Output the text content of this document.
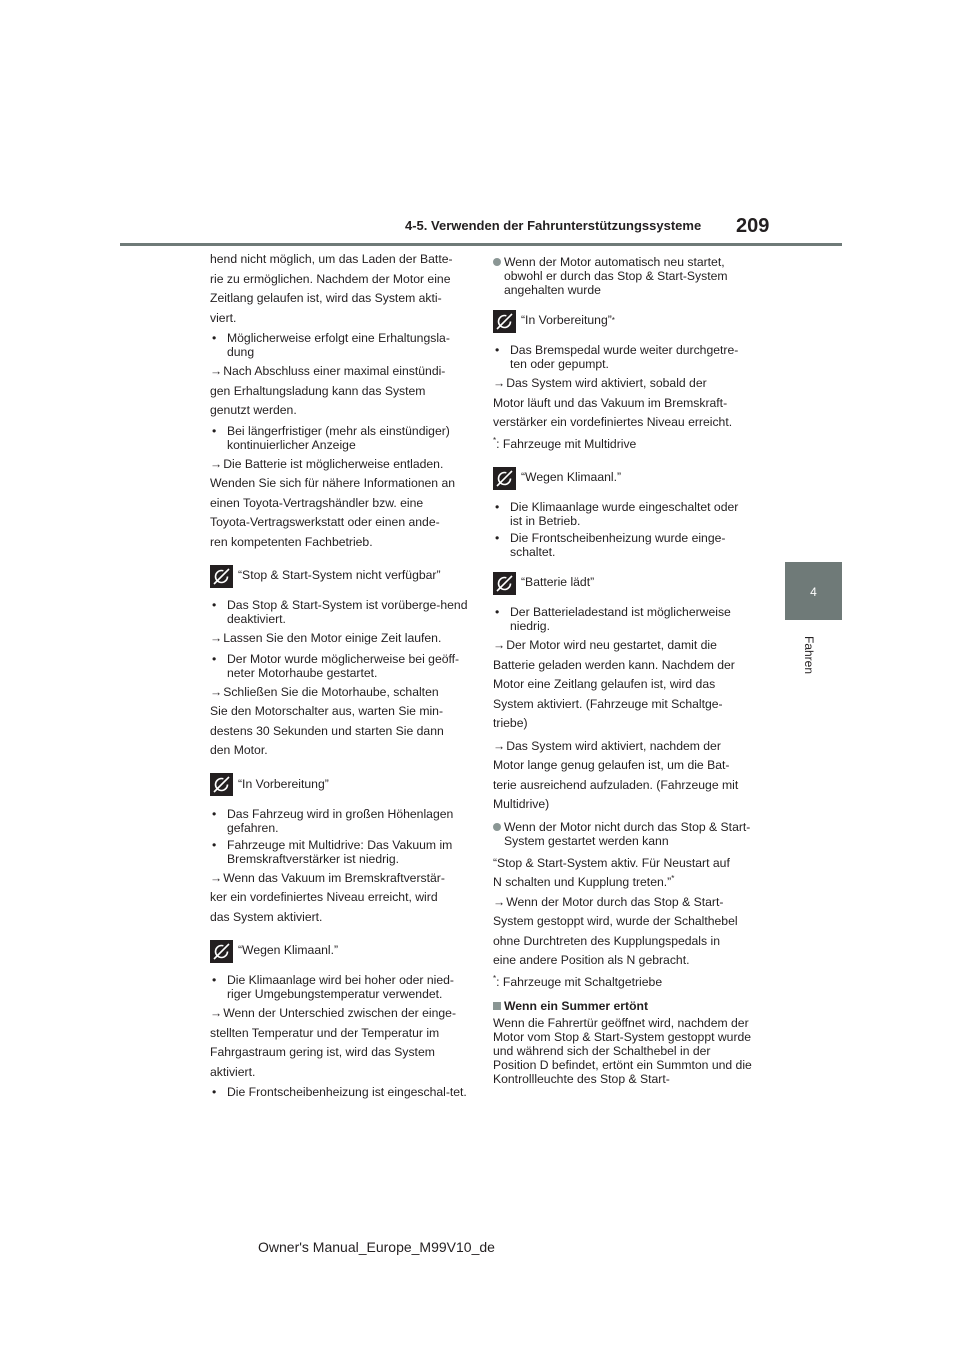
4-5. Verwenden der Fahrunterstützungssysteme 209
4
Fahren

hend nicht möglich, um das Laden der Batte-

rie zu ermöglichen. Nachdem der Motor eine

Zeitlang gelaufen ist, wird das System akti-

viert.

• Möglicherweise erfolgt eine Erhaltungsla-dung

→Nach Abschluss einer maximal einstündi-

gen Erhaltungsladung kann das System

genutzt werden.

• Bei längerfristiger (mehr als einstündiger) kontinuierlicher Anzeige

→Die Batterie ist möglicherweise entladen.

Wenden Sie sich für nähere Informationen an

einen Toyota-Vertragshändler bzw. eine

Toyota-Vertragswerkstatt oder einen ande-

ren kompetenten Fachbetrieb.

“Stop & Start-System nicht verfügbar”
• Das Stop & Start-System ist vorüberge-hend deaktiviert.

→Lassen Sie den Motor einige Zeit laufen.

• Der Motor wurde möglicherweise bei geöff-neter Motorhaube gestartet.

→Schließen Sie die Motorhaube, schalten

Sie den Motorschalter aus, warten Sie min-

destens 30 Sekunden und starten Sie dann

den Motor.

“In Vorbereitung”
• Das Fahrzeug wird in großen Höhenlagen gefahren.
• Fahrzeuge mit Multidrive: Das Vakuum im Bremskraftverstärker ist niedrig.

→Wenn das Vakuum im Bremskraftverstär-

ker ein vordefiniertes Niveau erreicht, wird

das System aktiviert.

“Wegen Klimaanl.”
• Die Klimaanlage wird bei hoher oder nied-riger Umgebungstemperatur verwendet.

→Wenn der Unterschied zwischen der einge-

stellten Temperatur und der Temperatur im

Fahrgastraum gering ist, wird das System

aktiviert.

• Die Frontscheibenheizung ist eingeschal-tet.
Wenn der Motor automatisch neu startet, obwohl er durch das Stop & Start-System angehalten wurde
“In Vorbereitung” *
• Das Bremspedal wurde weiter durchgetre-ten oder gepumpt.

→Das System wird aktiviert, sobald der

Motor läuft und das Vakuum im Bremskraft-

verstärker ein vordefiniertes Niveau erreicht.

*: Fahrzeuge mit Multidrive

“Wegen Klimaanl.”
• Die Klimaanlage wurde eingeschaltet oder ist in Betrieb.
• Die Frontscheibenheizung wurde einge-schaltet.
“Batterie lädt”
• Der Batterieladestand ist möglicherweise niedrig.

→Der Motor wird neu gestartet, damit die

Batterie geladen werden kann. Nachdem der

Motor eine Zeitlang gelaufen ist, wird das

System aktiviert. (Fahrzeuge mit Schaltge-

triebe)

→Das System wird aktiviert, nachdem der

Motor lange genug gelaufen ist, um die Bat-

terie ausreichend aufzuladen. (Fahrzeuge mit

Multidrive)

Wenn der Motor nicht durch das Stop & Start-System gestartet werden kann

“Stop & Start-System aktiv. Für Neustart auf

N schalten und Kupplung treten.”*

→Wenn der Motor durch das Stop & Start-

System gestoppt wird, wurde der Schalthebel

ohne Durchtreten des Kupplungspedals in

eine andere Position als N gebracht.

*: Fahrzeuge mit Schaltgetriebe

Wenn ein Summer ertönt

Wenn die Fahrertür geöffnet wird, nachdem der Motor vom Stop & Start-System gestoppt wurde und während sich der Schalthebel in der Position D befindet, ertönt ein Summton und die Kontrollleuchte des Stop & Start-

Owner's Manual_Europe_M99V10_de
